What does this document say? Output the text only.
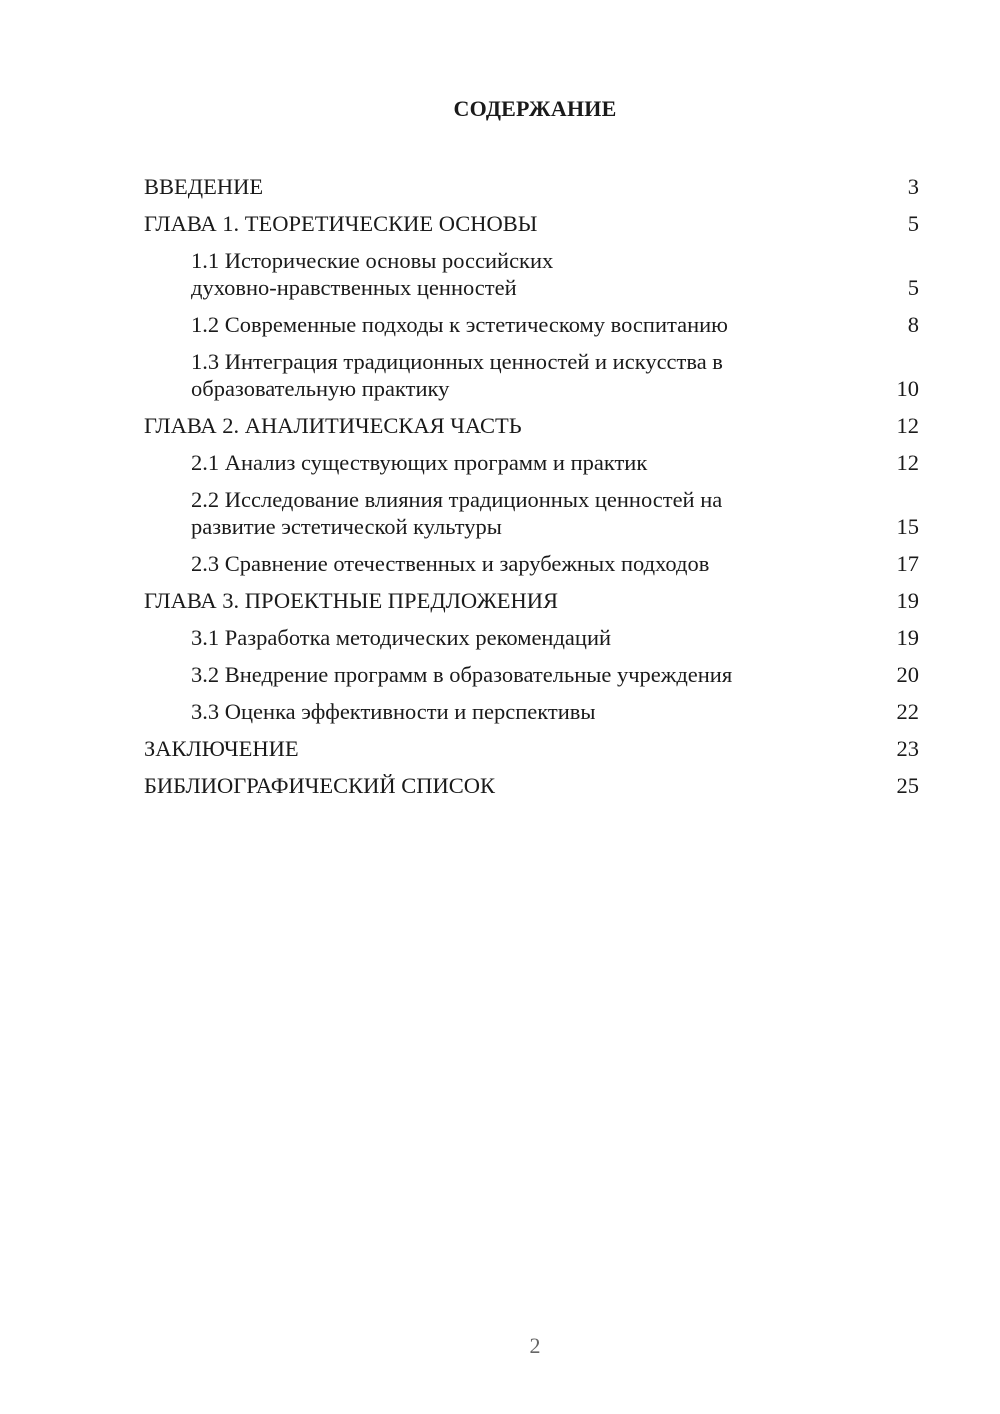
СОДЕРЖАНИЕ
ВВЕДЕНИЕ	3
ГЛАВА 1. ТЕОРЕТИЧЕСКИЕ ОСНОВЫ	5
1.1 Исторические основы российских
духовно-нравственных ценностей	5
1.2 Современные подходы к эстетическому воспитанию	8
1.3 Интеграция традиционных ценностей и искусства в
образовательную практику	10
ГЛАВА 2. АНАЛИТИЧЕСКАЯ ЧАСТЬ	12
2.1 Анализ существующих программ и практик	12
2.2 Исследование влияния традиционных ценностей на
развитие эстетической культуры	15
2.3 Сравнение отечественных и зарубежных подходов	17
ГЛАВА 3. ПРОЕКТНЫЕ ПРЕДЛОЖЕНИЯ	19
3.1 Разработка методических рекомендаций	19
3.2 Внедрение программ в образовательные учреждения	20
3.3 Оценка эффективности и перспективы	22
ЗАКЛЮЧЕНИЕ	23
БИБЛИОГРАФИЧЕСКИЙ СПИСОК	25
2
